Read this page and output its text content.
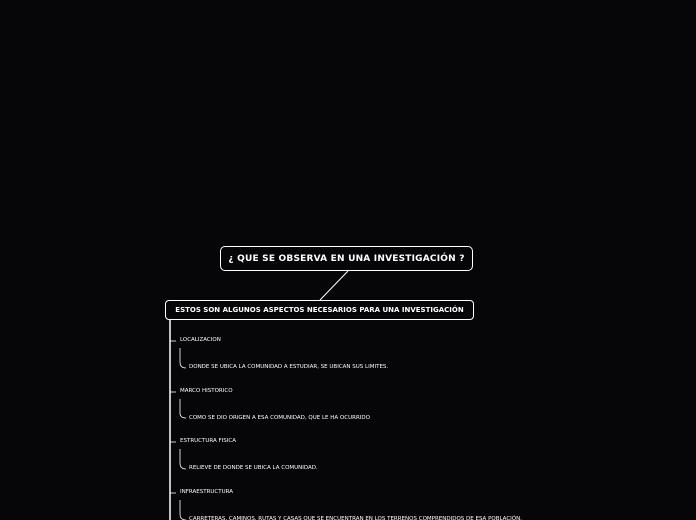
¿ QUE SE OBSERVA EN UNA INVESTIGACIÓN ?
ESTOS SON ALGUNOS ASPECTOS NECESARIOS PARA UNA INVESTIGACIÓN
LOCALIZACION
DONDE SE UBICA LA COMUNIDAD A ESTUDIAR, SE UBICAN SUS LIMITES.
MARCO HISTORICO
COMO SE DIO ORIGEN A ESA COMUNIDAD, QUE LE HA OCURRIDO
ESTRUCTURA FISICA
RELIEVE DE DONDE SE UBICA LA COMUNIDAD.
INFRAESTRUCTURA
CARRETERAS, CAMINOS, RUTAS Y CASAS QUE SE ENCUENTRAN EN LOS TERRENOS COMPRENDIDOS DE ESA POBLACIÓN.
